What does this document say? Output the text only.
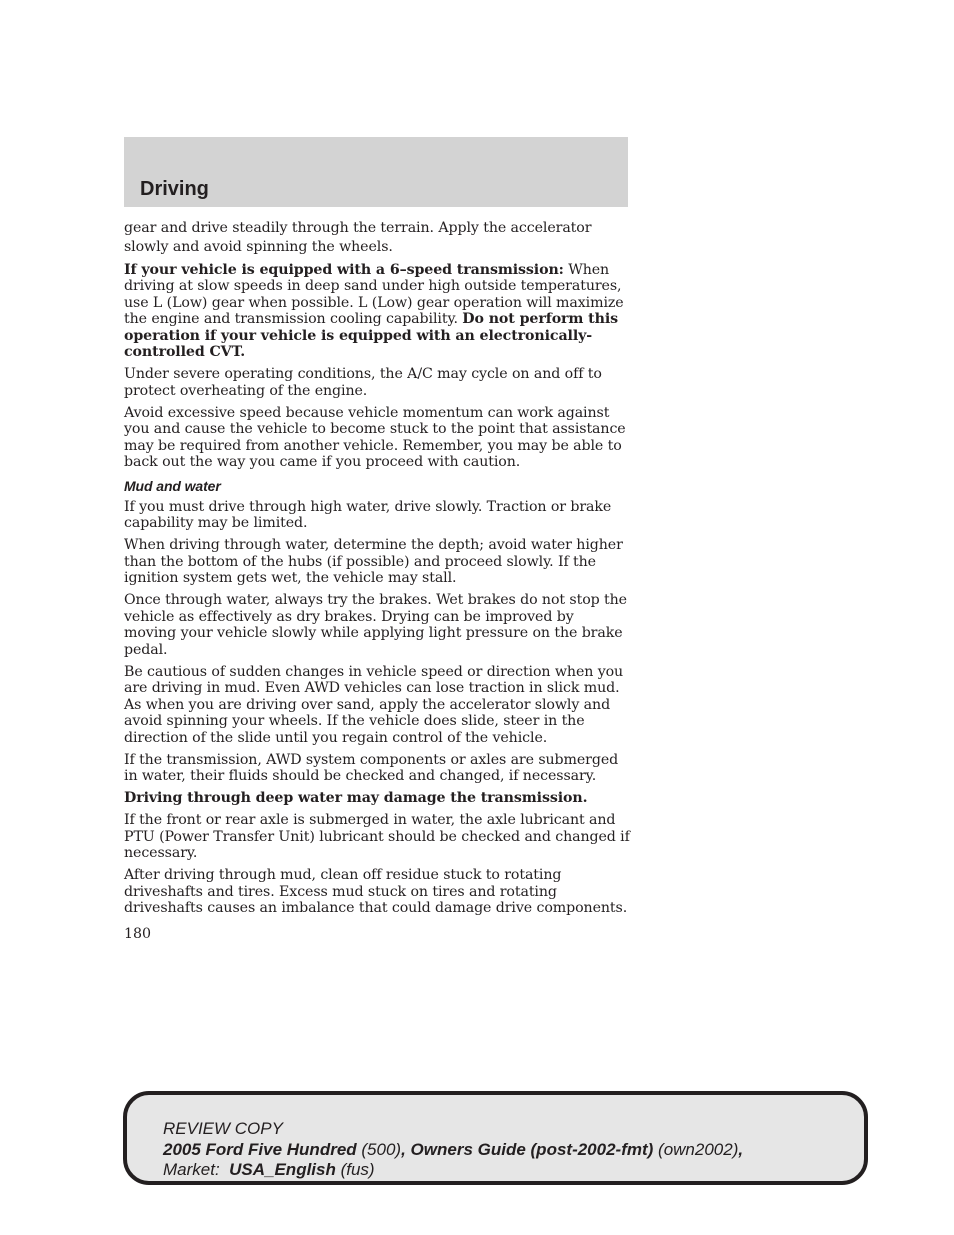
Driving

gear and drive steadily through the terrain. Apply the accelerator slowly and avoid spinning the wheels.

If your vehicle is equipped with a 6–speed transmission: When driving at slow speeds in deep sand under high outside temperatures, use L (Low) gear when possible. L (Low) gear operation will maximize the engine and transmission cooling capability. Do not perform this operation if your vehicle is equipped with an electronically-controlled CVT.

Under severe operating conditions, the A/C may cycle on and off to protect overheating of the engine.

Avoid excessive speed because vehicle momentum can work against you and cause the vehicle to become stuck to the point that assistance may be required from another vehicle. Remember, you may be able to back out the way you came if you proceed with caution.

Mud and water

If you must drive through high water, drive slowly. Traction or brake capability may be limited.

When driving through water, determine the depth; avoid water higher than the bottom of the hubs (if possible) and proceed slowly. If the ignition system gets wet, the vehicle may stall.

Once through water, always try the brakes. Wet brakes do not stop the vehicle as effectively as dry brakes. Drying can be improved by moving your vehicle slowly while applying light pressure on the brake pedal.

Be cautious of sudden changes in vehicle speed or direction when you are driving in mud. Even AWD vehicles can lose traction in slick mud. As when you are driving over sand, apply the accelerator slowly and avoid spinning your wheels. If the vehicle does slide, steer in the direction of the slide until you regain control of the vehicle.

If the transmission, AWD system components or axles are submerged in water, their fluids should be checked and changed, if necessary.

Driving through deep water may damage the transmission.

If the front or rear axle is submerged in water, the axle lubricant and PTU (Power Transfer Unit) lubricant should be checked and changed if necessary.

After driving through mud, clean off residue stuck to rotating driveshafts and tires. Excess mud stuck on tires and rotating driveshafts causes an imbalance that could damage drive components.

180
REVIEW COPY
2005 Ford Five Hundred (500), Owners Guide (post-2002-fmt) (own2002),
Market:  USA_English (fus)
